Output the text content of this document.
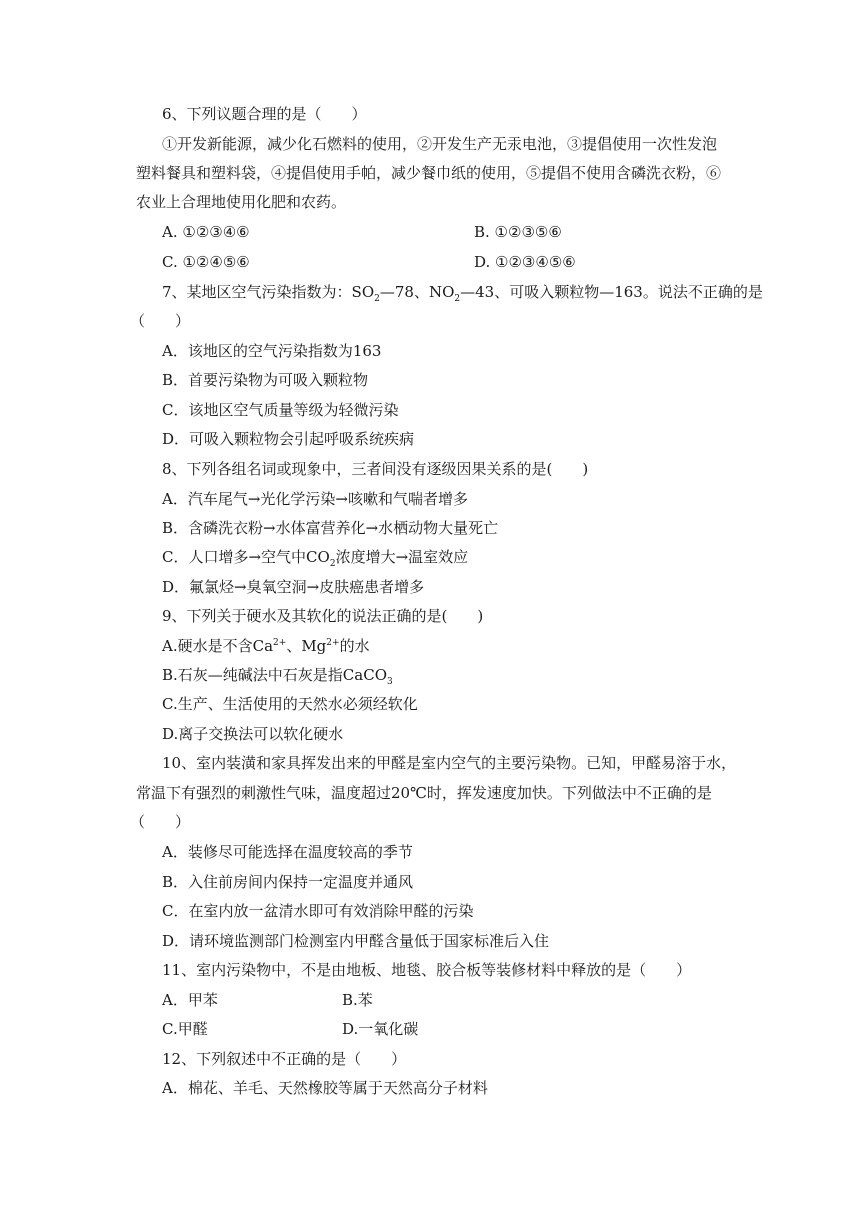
6、下列议题合理的是（　　）
①开发新能源，减少化石燃料的使用，②开发生产无汞电池，③提倡使用一次性发泡
塑料餐具和塑料袋，④提倡使用手帕，减少餐巾纸的使用，⑤提倡不使用含磷洗衣粉，⑥
农业上合理地使用化肥和农药。
A. ①②③④⑥	B. ①②③⑤⑥
C. ①②④⑤⑥	D. ①②③④⑤⑥
7、某地区空气污染指数为：$SO_2—78$、$NO_2—43$、可吸入颗粒物—163。说法不正确的是
（　　）
A．该地区的空气污染指数为163
B．首要污染物为可吸入颗粒物
C．该地区空气质量等级为轻微污染
D．可吸入颗粒物会引起呼吸系统疾病
8、下列各组名词或现象中，三者间没有逐级因果关系的是(　　)
A．汽车尾气→光化学污染→咳嗽和气喘者增多
B．含磷洗衣粉→水体富营养化→水栖动物大量死亡
C．人口增多→空气中$CO_2$浓度增大→温室效应
D．氟氯烃→臭氧空洞→皮肤癌患者增多
9、下列关于硬水及其软化的说法正确的是(　　)
A.硬水是不含$Ca^{2+}$、$Mg^{2+}$的水
B.石灰—纯碱法中石灰是指CaCO$_3$
C.生产、生活使用的天然水必须经软化
D.离子交换法可以软化硬水
10、室内装潢和家具挥发出来的甲醛是室内空气的主要污染物。已知，甲醛易溶于水，
常温下有强烈的刺激性气味，温度超过20℃时，挥发速度加快。下列做法中不正确的是
（　　）
A．装修尽可能选择在温度较高的季节
B．入住前房间内保持一定温度并通风
C．在室内放一盆清水即可有效消除甲醛的污染
D．请环境监测部门检测室内甲醛含量低于国家标准后入住
11、室内污染物中，不是由地板、地毯、胶合板等装修材料中释放的是（　　）
A．甲苯	B.苯
C.甲醛	D.一氧化碳
12、下列叙述中不正确的是（　　）
A．棉花、羊毛、天然橡胶等属于天然高分子材料
